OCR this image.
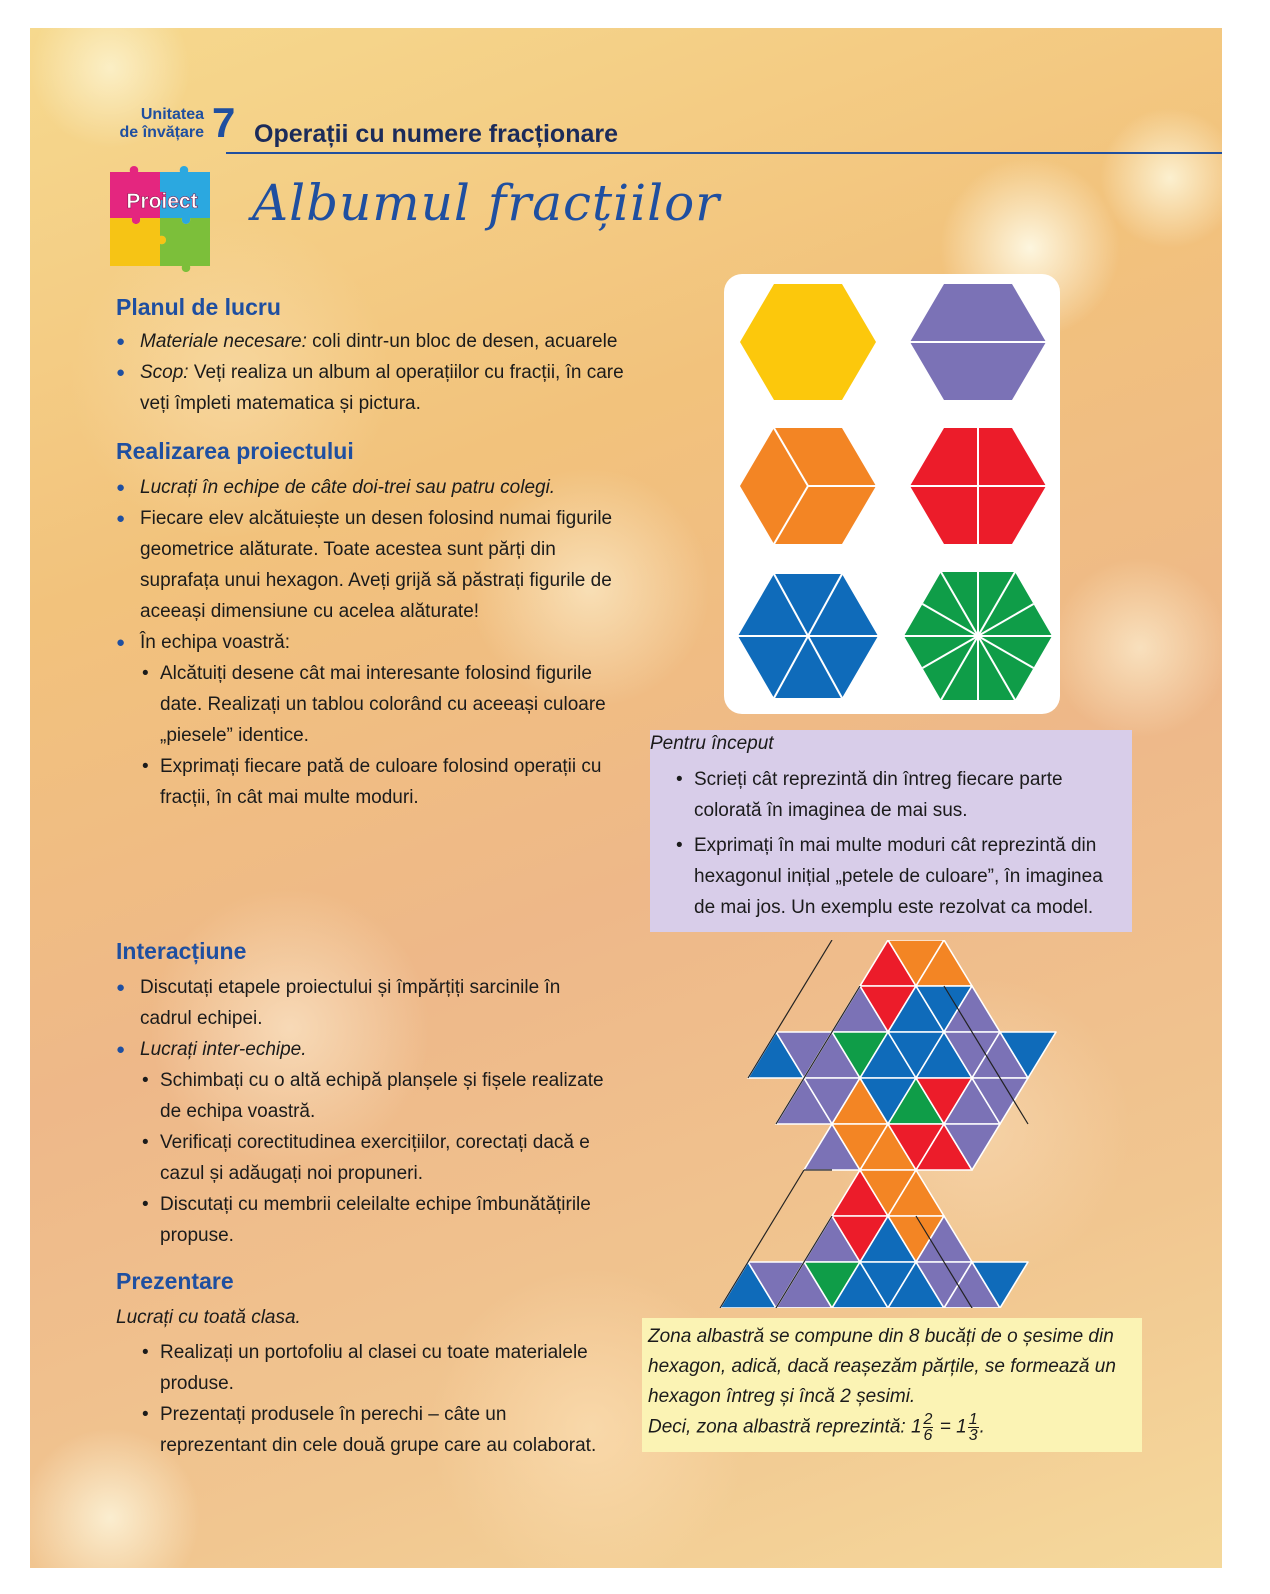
Unitatea
de învățare 7 Operații cu numere fracționare
Proiect Albumul fracțiilor
Planul de lucru
● Materiale necesare: coli dintr-un bloc de desen, acuarele
● Scop: Veți realiza un album al operațiilor cu fracții, în care veți împleti matematica și pictura.
Realizarea proiectului
● Lucrați în echipe de câte doi-trei sau patru colegi.
● Fiecare elev alcătuiește un desen folosind numai figurile geometrice alăturate. Toate acestea sunt părți din suprafața unui hexagon. Aveți grijă să păstrați figurile de aceeași dimensiune cu acelea alăturate!
● În echipa voastră:
• Alcătuiți desene cât mai interesante folosind figurile date. Realizați un tablou colorând cu aceeași culoare „piesele” identice.
• Exprimați fiecare pată de culoare folosind operații cu fracții, în cât mai multe moduri.
Pentru început
• Scrieți cât reprezintă din întreg fiecare parte colorată în imaginea de mai sus.
• Exprimați în mai multe moduri cât reprezintă din hexagonul inițial „petele de culoare”, în imaginea de mai jos. Un exemplu este rezolvat ca model.
Interacțiune
● Discutați etapele proiectului și împărțiți sarcinile în cadrul echipei.
● Lucrați inter-echipe.
• Schimbați cu o altă echipă planșele și fișele realizate de echipa voastră.
• Verificați corectitudinea exercițiilor, corectați dacă e cazul și adăugați noi propuneri.
• Discutați cu membrii celeilalte echipe îmbunătățirile propuse.
Prezentare
Lucrați cu toată clasa.
• Realizați un portofoliu al clasei cu toate materialele produse.
• Prezentați produsele în perechi – câte un reprezentant din cele două grupe care au colaborat.

Zona albastră se compune din 8 bucăți de o șesime din hexagon, adică, dacă reașezăm părțile, se formează un hexagon întreg și încă 2 șesimi.
Deci, zona albastră reprezintă: $1 \frac{2}{6} = 1 \frac{1}{3}$ .
